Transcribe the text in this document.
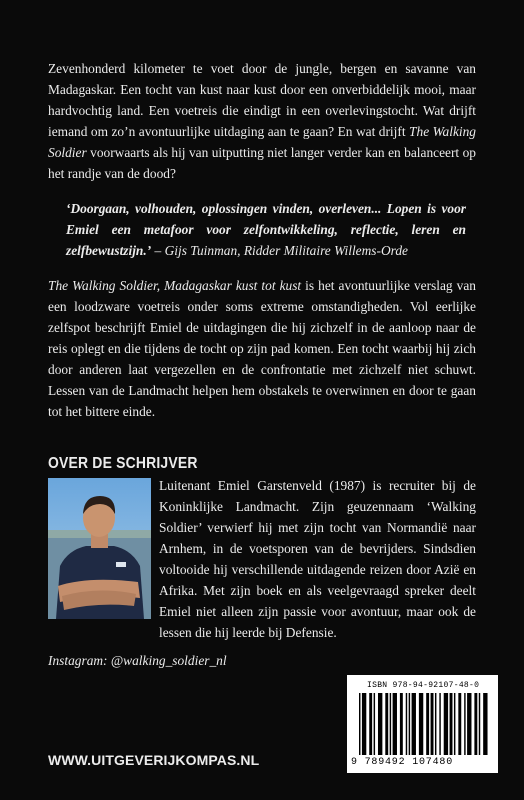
Zevenhonderd kilometer te voet door de jungle, bergen en savanne van Madagaskar. Een tocht van kust naar kust door een onverbiddelijk mooi, maar hardvochtig land. Een voetreis die eindigt in een overlevingstocht. Wat drijft iemand om zo’n avontuurlijke uitdaging aan te gaan? En wat drijft The Walking Soldier voorwaarts als hij van uitputting niet langer verder kan en balanceert op het randje van de dood?

‘Doorgaan, volhouden, oplossingen vinden, overleven... Lopen is voor Emiel een metafoor voor zelfontwikkeling, reflectie, leren en zelfbewustzijn.’ – Gijs Tuinman, Ridder Militaire Willems-Orde

The Walking Soldier, Madagaskar kust tot kust is het avontuurlijke verslag van een loodzware voetreis onder soms extreme omstandigheden. Vol eerlijke zelfspot beschrijft Emiel de uitdagingen die hij zichzelf in de aanloop naar de reis oplegt en die tijdens de tocht op zijn pad komen. Een tocht waarbij hij zich door anderen laat vergezellen en de confrontatie met zichzelf niet schuwt. Lessen van de Landmacht helpen hem obstakels te overwinnen en door te gaan tot het bittere einde.

OVER DE SCHRIJVER

Luitenant Emiel Garstenveld (1987) is recruiter bij de Koninklijke Landmacht. Zijn geuzennaam ‘Walking Soldier’ verwierf hij met zijn tocht van Normandië naar Arnhem, in de voetsporen van de bevrijders. Sindsdien voltooide hij verschillende uitdagende reizen door Azië en Afrika. Met zijn boek en als veelgevraagd spreker deelt Emiel niet alleen zijn passie voor avontuur, maar ook de lessen die hij leerde bij Defensie.

Instagram: @walking_soldier_nl
WWW.UITGEVERIJKOMPAS.NL
ISBN 978-94-92107-48-0
9 789492 107480
